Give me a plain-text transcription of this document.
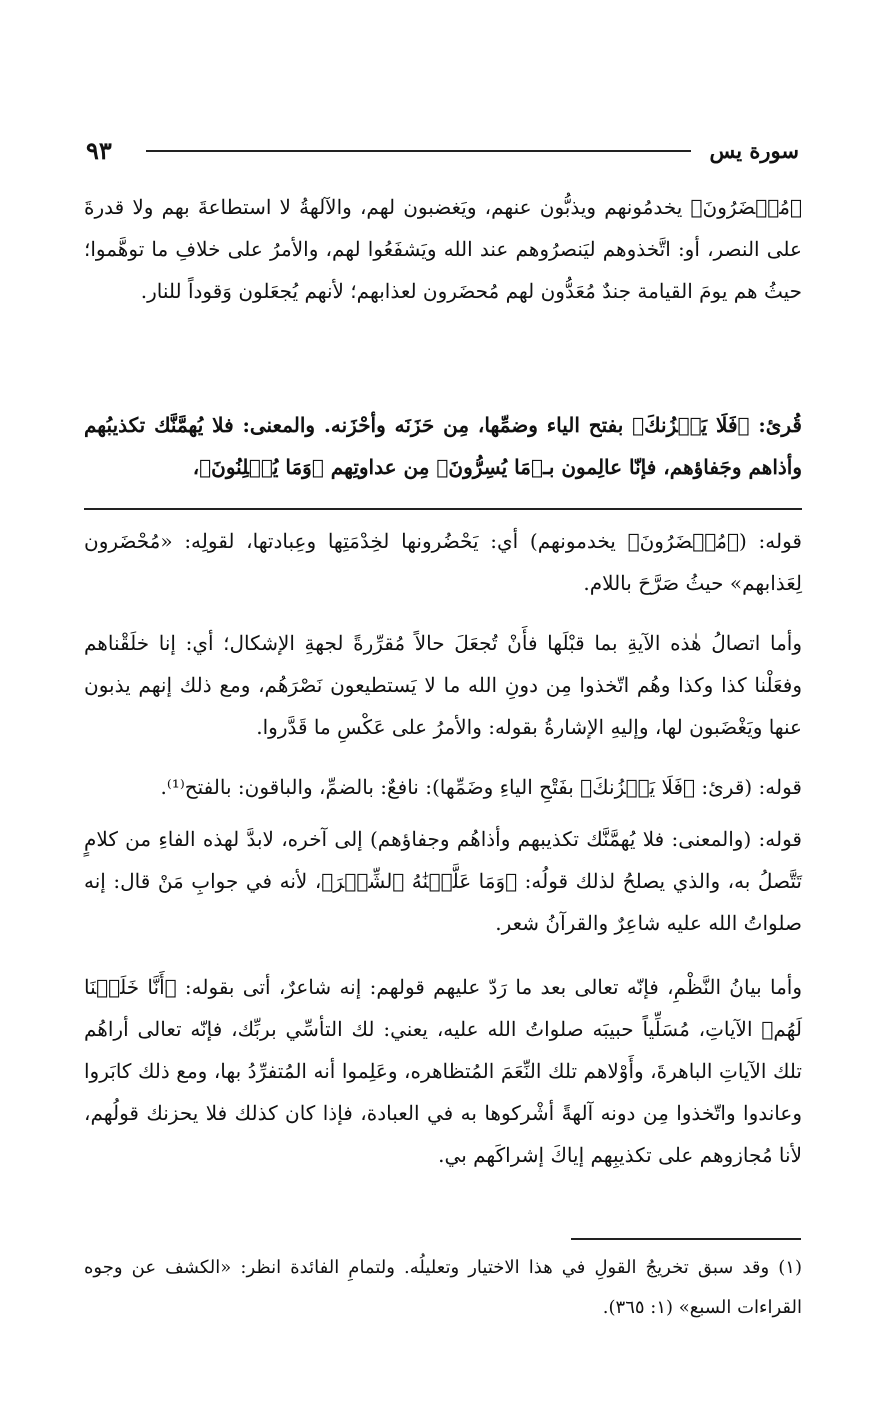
سورة يس
٩٣

﴿مُحۡضَرُونَ﴾ يخدمُونهم ويذبُّون عنهم، ويَغضبون لهم، والآلهةُ لا استطاعةَ بهم ولا قدرةَ على النصر، أو: اتَّخذوهم ليَنصرُوهم عند الله ويَشفَعُوا لهم، والأمرُ على خلافِ ما توهَّموا؛ حيثُ هم يومَ القيامة جندٌ مُعَدُّون لهم مُحضَرون لعذابهم؛ لأنهم يُجعَلون وَقوداً للنار.

قُرئ: ﴿فَلَا يَحۡزُنكَ﴾ بفتح الياء وضمِّها، مِن حَزَنَه وأحْزَنه. والمعنى: فلا يُهمَّنَّك تكذيبُهم وأذاهم وجَفاؤهم، فإنّا عالِمون بـ﴿مَا يُسِرُّونَ﴾ مِن عداوتِهم ﴿وَمَا يُعۡلِنُونَ﴾،

قوله: (﴿مُحۡضَرُونَ﴾ يخدمونهم) أي: يَحْضُرونها لخِدْمَتِها وعِبادتها، لقولِه: «مُحْضَرون لِعَذابهم» حيثُ صَرَّحَ باللام.

وأما اتصالُ هٰذه الآيةِ بما قبْلَها فأَنْ تُجعَلَ حالاً مُقرِّرةً لجهةِ الإشكال؛ أي: إنا خلَقْناهم وفعَلْنا كذا وكذا وهُم اتّخذوا مِن دونِ الله ما لا يَستطيعون نَصْرَهُم، ومع ذلك إنهم يذبون عنها ويَغْضَبون لها، وإليهِ الإشارةُ بقوله: والأمرُ على عَكْسِ ما قَدَّروا.

قوله: (قرئ: ﴿فَلَا يَحۡزُنكَ﴾ بفَتْحِ الياءِ وضَمِّها): نافعٌ: بالضمِّ، والباقون: بالفتح⁽¹⁾.

قوله: (والمعنى: فلا يُهمَّنَّك تكذيبهم وأذاهُم وجفاؤهم) إلى آخره، لابدَّ لهذه الفاءِ من كلامٍ تَتَّصلُ به، والذي يصلحُ لذلك قولُه: ﴿وَمَا عَلَّمۡنَٰهُ ٱلشِّعۡرَ﴾، لأنه في جوابِ مَنْ قال: إنه صلواتُ الله عليه شاعِرٌ والقرآنُ شعر.

وأما بيانُ النَّظْمِ، فإنّه تعالى بعد ما رَدّ عليهم قولهم: إنه شاعرٌ، أتى بقوله: ﴿أَنَّا خَلَقۡنَا لَهُم﴾ الآياتِ، مُسَلِّياً حبيبَه صلواتُ الله عليه، يعني: لك التأسِّي بربِّك، فإنّه تعالى أراهُم تلك الآياتِ الباهرةَ، وأَوْلاهم تلك النِّعَمَ المُتظاهره، وعَلِموا أنه المُتفرِّدُ بها، ومع ذلك كابَروا وعاندوا واتّخذوا مِن دونه آلهةً أشْركوها به في العبادة، فإذا كان كذلك فلا يحزنك قولُهم، لأنا مُجازوهم على تكذيبِهم إياكَ إشراكَهم بي.

(١) وقد سبق تخريجُ القولِ في هذا الاختيار وتعليلُه. ولتمامِ الفائدة انظر: «الكشف عن وجوه القراءات السبع» (١: ٣٦٥).
